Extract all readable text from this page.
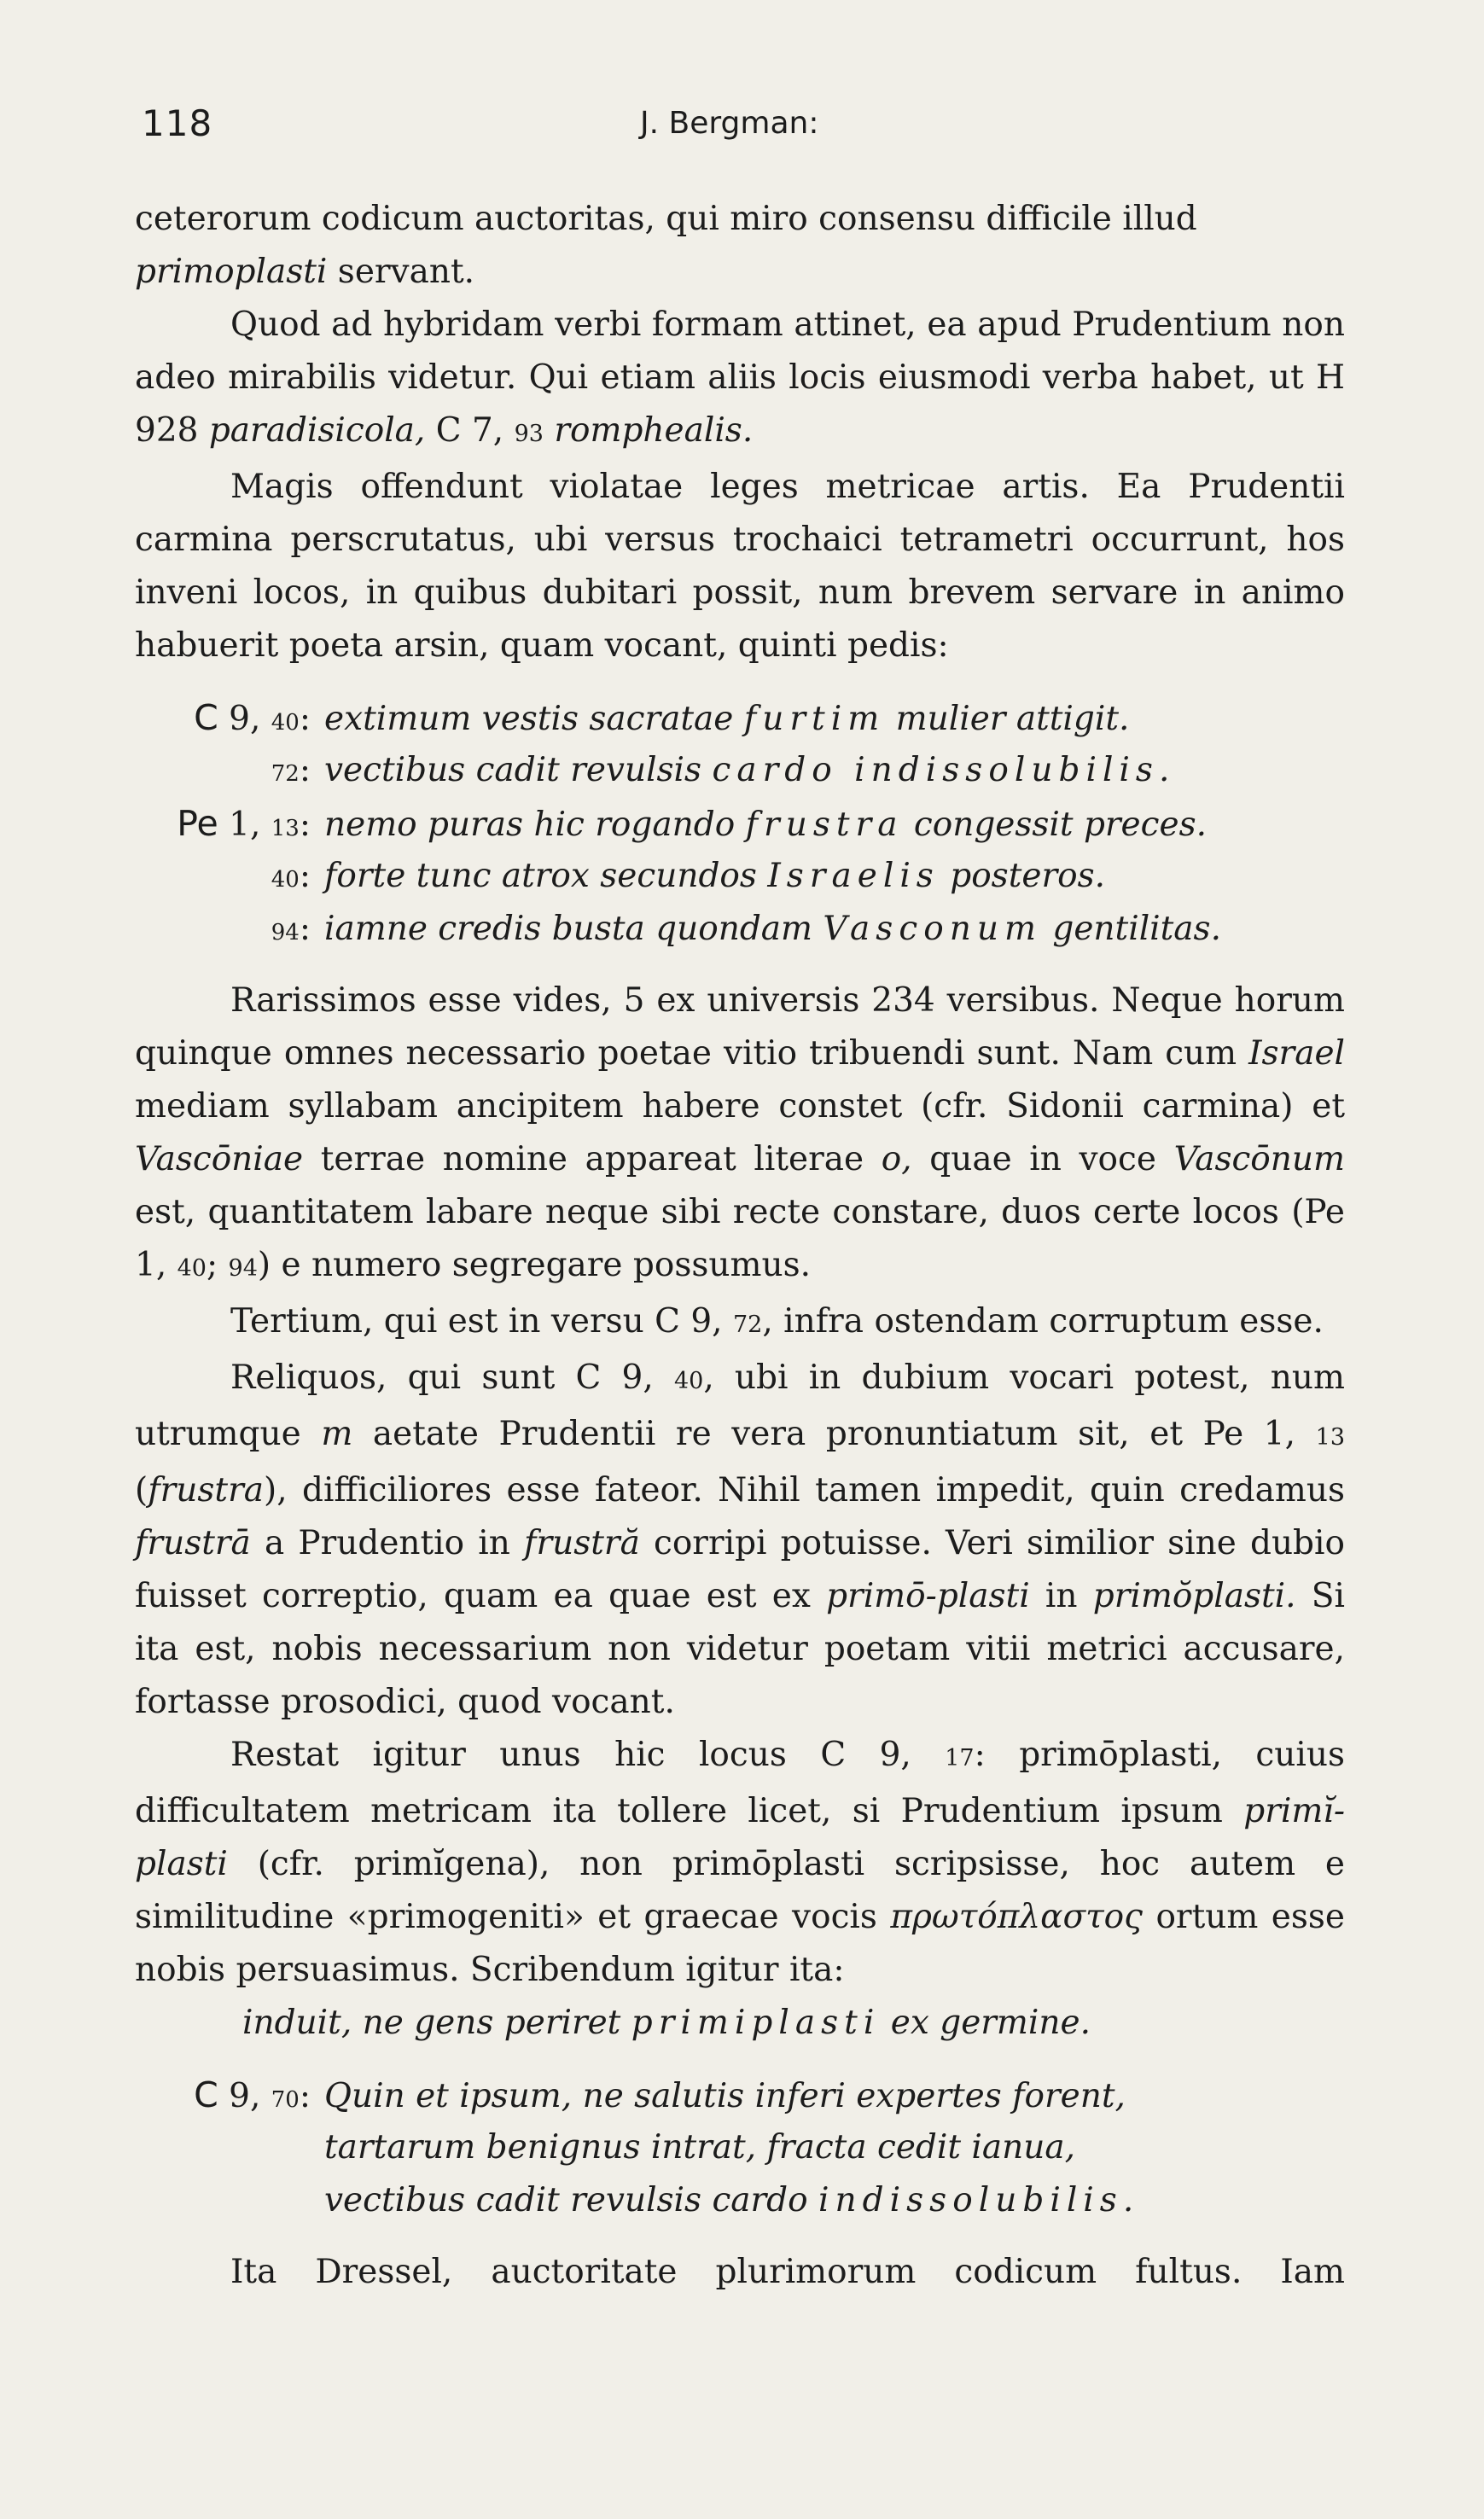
118	J. Bergman:

ceterorum codicum auctoritas, qui miro consensu difficile illud
primoplasti servant.

Quod ad hybridam verbi formam attinet, ea apud Prudentium non adeo mirabilis videtur. Qui etiam aliis locis eiusmodi verba habet, ut H 928 paradisicola, C 7, 93 romphealis.

Magis offendunt violatae leges metricae artis. Ea Prudentii carmina perscrutatus, ubi versus trochaici tetrametri occurrunt, hos inveni locos, in quibus dubitari possit, num brevem servare in animo habuerit poeta arsin, quam vocant, quinti pedis:

C 9, 40: extimum vestis sacratae furtim mulier attigit.
72: vectibus cadit revulsis cardo indissolubilis.
Pe 1, 13: nemo puras hic rogando frustra congessit preces.
40: forte tunc atrox secundos Israelis posteros.
94: iamne credis busta quondam Vasconum gentilitas.

Rarissimos esse vides, 5 ex universis 234 versibus. Neque horum quinque omnes necessario poetae vitio tribuendi sunt. Nam cum Israel mediam syllabam ancipitem habere constet (cfr. Sidonii carmina) et Vascōniae terrae nomine appareat literae o, quae in voce Vascōnum est, quantitatem labare neque sibi recte constare, duos certe locos (Pe 1, 40; 94) e numero segregare possumus.

Tertium, qui est in versu C 9, 72, infra ostendam corruptum esse.

Reliquos, qui sunt C 9, 40, ubi in dubium vocari potest, num utrumque m aetate Prudentii re vera pronuntiatum sit, et Pe 1, 13 (frustra), difficiliores esse fateor. Nihil tamen impedit, quin credamus frustrā a Prudentio in frustră corripi potuisse. Veri similior sine dubio fuisset correptio, quam ea quae est ex primō-plasti in primŏplasti. Si ita est, nobis necessarium non videtur poetam vitii metrici accusare, fortasse prosodici, quod vocant.

Restat igitur unus hic locus C 9, 17: primōplasti, cuius difficultatem metricam ita tollere licet, si Prudentium ipsum primĭ-plasti (cfr. primĭgena), non primōplasti scripsisse, hoc autem e similitudine «primogeniti» et graecae vocis πρωτόπλαστος ortum esse nobis persuasimus. Scribendum igitur ita:

induit, ne gens periret primiplasti ex germine.
C 9, 70: Quin et ipsum, ne salutis inferi expertes forent,
tartarum benignus intrat, fracta cedit ianua,
vectibus cadit revulsis cardo indissolubilis.

Ita Dressel, auctoritate plurimorum codicum fultus. Iam
